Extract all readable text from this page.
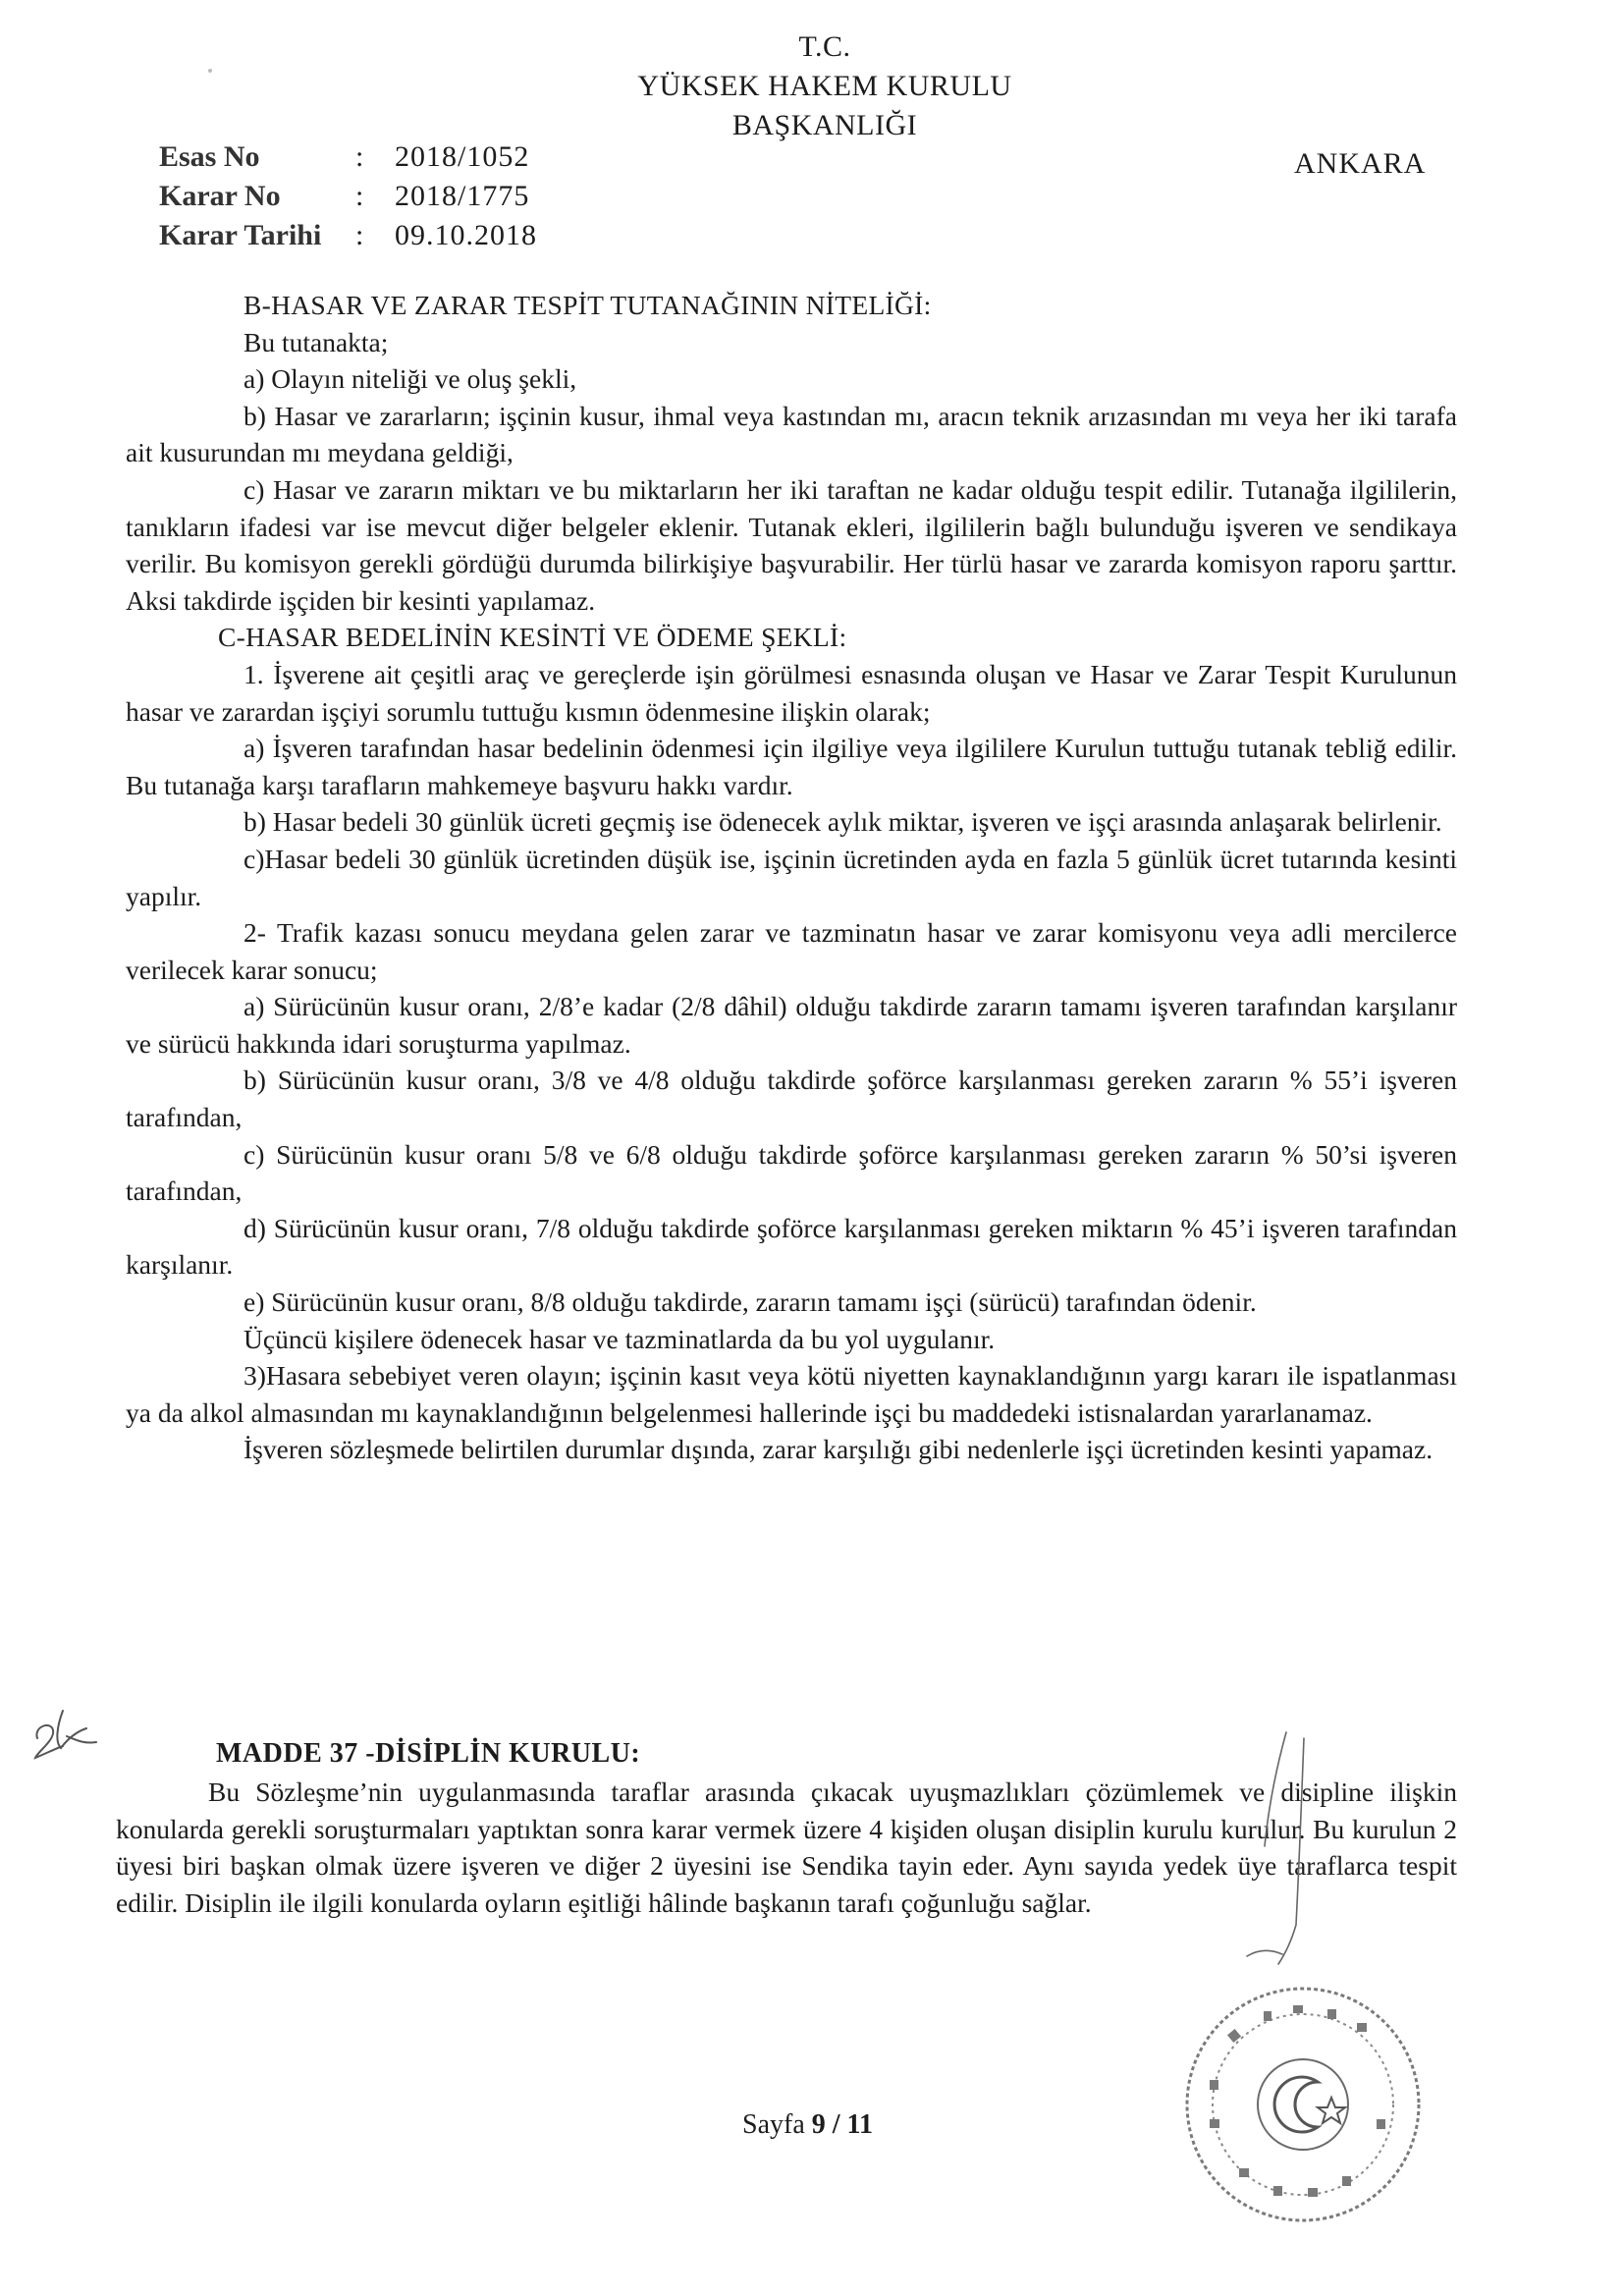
T.C.
YÜKSEK HAKEM KURULU
BAŞKANLIĞI
ANKARA
Esas No	:	2018/1052
Karar No	:	2018/1775
Karar Tarihi	:	09.10.2018

B-HASAR VE ZARAR TESPİT TUTANAĞININ NİTELİĞİ:

Bu tutanakta;

a) Olayın niteliği ve oluş şekli,

b) Hasar ve zararların; işçinin kusur, ihmal veya kastından mı, aracın teknik arızasından mı veya her iki tarafa ait kusurundan mı meydana geldiği,

c) Hasar ve zararın miktarı ve bu miktarların her iki taraftan ne kadar olduğu tespit edilir. Tutanağa ilgililerin, tanıkların ifadesi var ise mevcut diğer belgeler eklenir. Tutanak ekleri, ilgililerin bağlı bulunduğu işveren ve sendikaya verilir. Bu komisyon gerekli gördüğü durumda bilirkişiye başvurabilir. Her türlü hasar ve zararda komisyon raporu şarttır. Aksi takdirde işçiden bir kesinti yapılamaz.

C-HASAR BEDELİNİN KESİNTİ VE ÖDEME ŞEKLİ:

1. İşverene ait çeşitli araç ve gereçlerde işin görülmesi esnasında oluşan ve Hasar ve Zarar Tespit Kurulunun hasar ve zarardan işçiyi sorumlu tuttuğu kısmın ödenmesine ilişkin olarak;

a) İşveren tarafından hasar bedelinin ödenmesi için ilgiliye veya ilgililere Kurulun tuttuğu tutanak tebliğ edilir. Bu tutanağa karşı tarafların mahkemeye başvuru hakkı vardır.

b) Hasar bedeli 30 günlük ücreti geçmiş ise ödenecek aylık miktar, işveren ve işçi arasında anlaşarak belirlenir.

c)Hasar bedeli 30 günlük ücretinden düşük ise, işçinin ücretinden ayda en fazla 5 günlük ücret tutarında kesinti yapılır.

2- Trafik kazası sonucu meydana gelen zarar ve tazminatın hasar ve zarar komisyonu veya adli mercilerce verilecek karar sonucu;

a) Sürücünün kusur oranı, 2/8’e kadar (2/8 dâhil) olduğu takdirde zararın tamamı işveren tarafından karşılanır ve sürücü hakkında idari soruşturma yapılmaz.

b) Sürücünün kusur oranı, 3/8 ve 4/8 olduğu takdirde şoförce karşılanması gereken zararın % 55’i işveren tarafından,

c) Sürücünün kusur oranı 5/8 ve 6/8 olduğu takdirde şoförce karşılanması gereken zararın % 50’si işveren tarafından,

d) Sürücünün kusur oranı, 7/8 olduğu takdirde şoförce karşılanması gereken miktarın % 45’i işveren tarafından karşılanır.

e) Sürücünün kusur oranı, 8/8 olduğu takdirde, zararın tamamı işçi (sürücü) tarafından ödenir.

Üçüncü kişilere ödenecek hasar ve tazminatlarda da bu yol uygulanır.

3)Hasara sebebiyet veren olayın; işçinin kasıt veya kötü niyetten kaynaklandığının yargı kararı ile ispatlanması ya da alkol almasından mı kaynaklandığının belgelenmesi hallerinde işçi bu maddedeki istisnalardan yararlanamaz.

İşveren sözleşmede belirtilen durumlar dışında, zarar karşılığı gibi nedenlerle işçi ücretinden kesinti yapamaz.

MADDE 37 -DİSİPLİN KURULU:

Bu Sözleşme’nin uygulanmasında taraflar arasında çıkacak uyuşmazlıkları çözümlemek ve disipline ilişkin konularda gerekli soruşturmaları yaptıktan sonra karar vermek üzere 4 kişiden oluşan disiplin kurulu kurulur. Bu kurulun 2 üyesi biri başkan olmak üzere işveren ve diğer 2 üyesini ise Sendika tayin eder. Aynı sayıda yedek üye taraflarca tespit edilir. Disiplin ile ilgili konularda oyların eşitliği hâlinde başkanın tarafı çoğunluğu sağlar.

Sayfa 9 / 11
